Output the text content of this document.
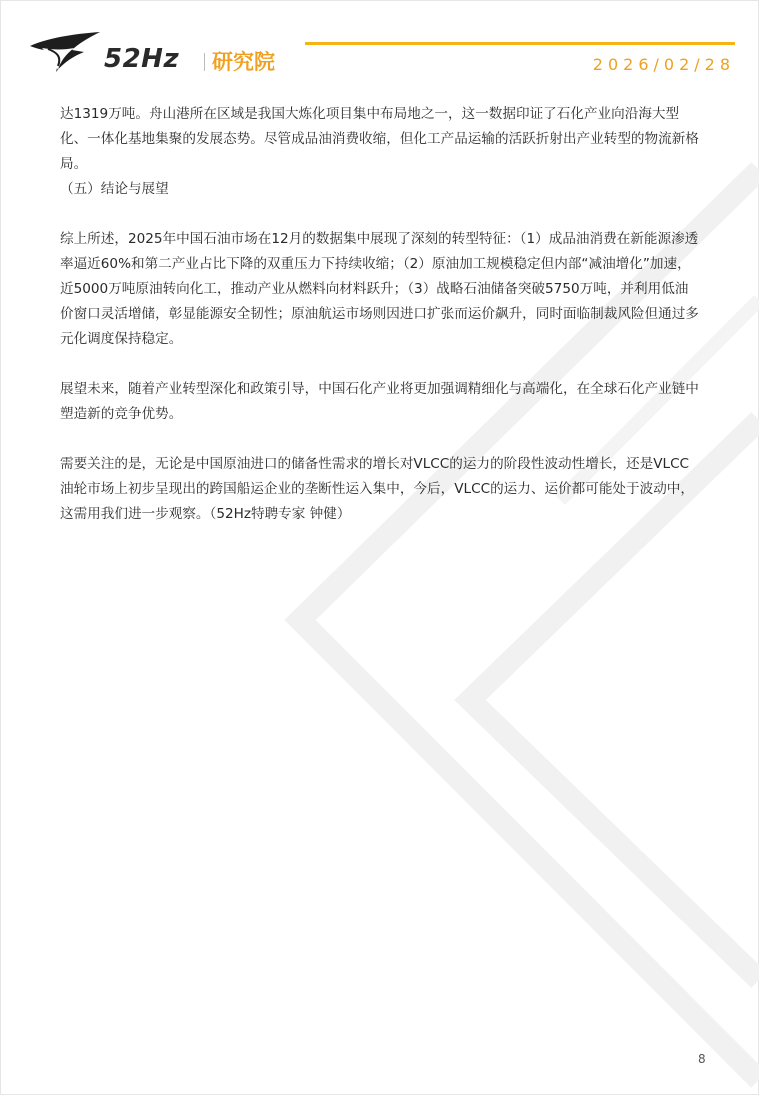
52Hz 研究院	2026/02/28

达1319万吨。舟山港所在区域是我国大炼化项目集中布局地之一，这一数据印证了石化产业向沿海大型化、一体化基地集聚的发展态势。尽管成品油消费收缩，但化工产品运输的活跃折射出产业转型的物流新格局。

（五）结论与展望

综上所述，2025年中国石油市场在12月的数据集中展现了深刻的转型特征：（1）成品油消费在新能源渗透率逼近60%和第二产业占比下降的双重压力下持续收缩；（2）原油加工规模稳定但内部“减油增化”加速，近5000万吨原油转向化工，推动产业从燃料向材料跃升；（3）战略石油储备突破5750万吨，并利用低油价窗口灵活增储，彰显能源安全韧性；原油航运市场则因进口扩张而运价飙升，同时面临制裁风险但通过多元化调度保持稳定。

展望未来，随着产业转型深化和政策引导，中国石化产业将更加强调精细化与高端化，在全球石化产业链中塑造新的竞争优势。

需要关注的是，无论是中国原油进口的储备性需求的增长对VLCC的运力的阶段性波动性增长，还是VLCC油轮市场上初步呈现出的跨国船运企业的垄断性运入集中，今后，VLCC的运力、运价都可能处于波动中，这需用我们进一步观察。（52Hz特聘专家 钟健）

8
